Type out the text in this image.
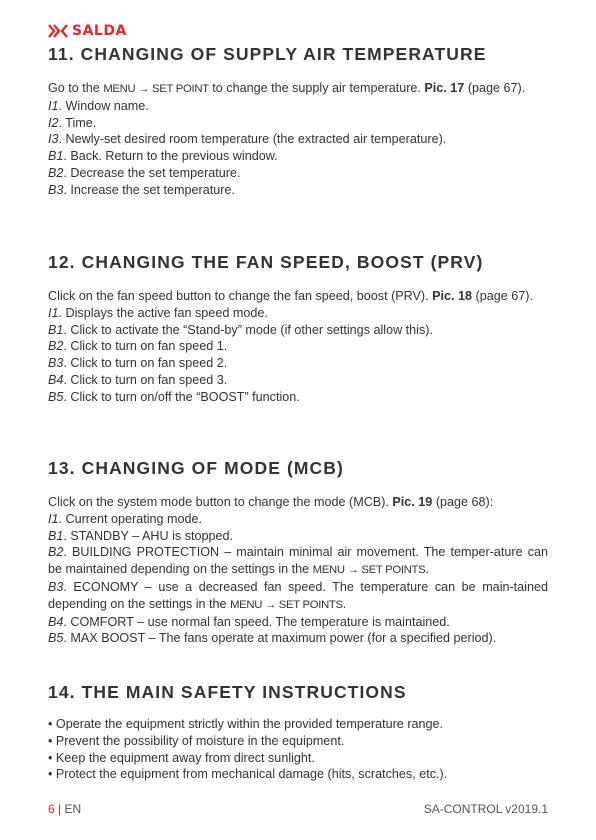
SALDA
11. CHANGING OF SUPPLY AIR TEMPERATURE

Go to the MENU → SET POINT to change the supply air temperature. Pic. 17 (page 67).

I1. Window name.

I2. Time.

I3. Newly-set desired room temperature (the extracted air temperature).

B1. Back. Return to the previous window.

B2. Decrease the set temperature.

B3. Increase the set temperature.

12. CHANGING THE FAN SPEED, BOOST (PRV)

Click on the fan speed button to change the fan speed, boost (PRV). Pic. 18 (page 67).

I1. Displays the active fan speed mode.

B1. Click to activate the “Stand-by” mode (if other settings allow this).

B2. Click to turn on fan speed 1.

B3. Click to turn on fan speed 2.

B4. Click to turn on fan speed 3.

B5. Click to turn on/off the “BOOST” function.

13. CHANGING OF MODE (MCB)

Click on the system mode button to change the mode (MCB). Pic. 19 (page 68):

I1. Current operating mode.

B1. STANDBY – AHU is stopped.

B2. BUILDING PROTECTION – maintain minimal air movement. The temper-ature can be maintained depending on the settings in the MENU → SET POINTS.

B3. ECONOMY – use a decreased fan speed. The temperature can be main-tained depending on the settings in the MENU → SET POINTS.

B4. COMFORT – use normal fan speed. The temperature is maintained.

B5. MAX BOOST – The fans operate at maximum power (for a specified period).

14. THE MAIN SAFETY INSTRUCTIONS

• Operate the equipment strictly within the provided temperature range.

• Prevent the possibility of moisture in the equipment.

• Keep the equipment away from direct sunlight.

• Protect the equipment from mechanical damage (hits, scratches, etc.).

6 | EN	SA-CONTROL v2019.1
